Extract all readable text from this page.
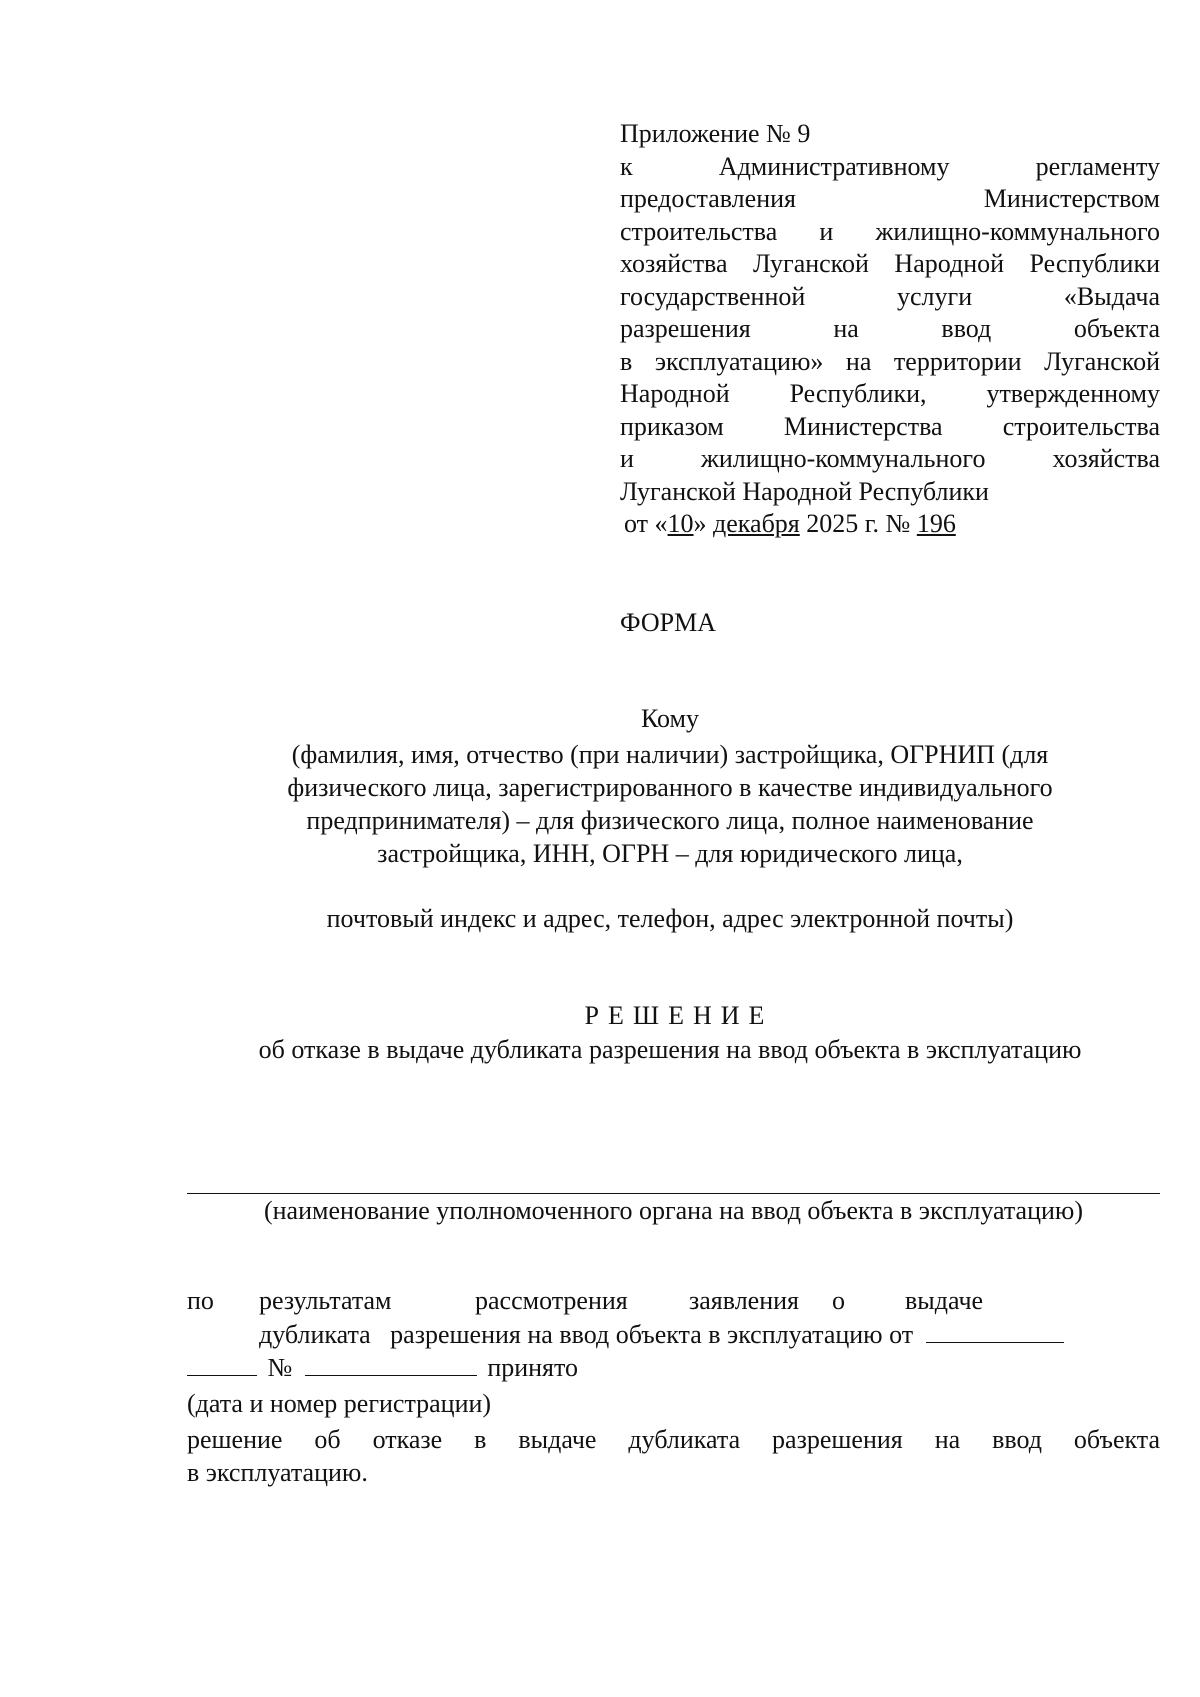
Приложение № 9
к Административному регламенту
предоставления Министерством
строительства и жилищно-коммунального
хозяйства Луганской Народной Республики
государственной услуги «Выдача
разрешения на ввод объекта
в эксплуатацию» на территории Луганской
Народной Республики, утвержденному
приказом Министерства строительства
и жилищно-коммунального хозяйства
Луганской Народной Республики
от «10» декабря 2025 г. № 196
ФОРМА
Кому
(фамилия, имя, отчество (при наличии) застройщика, ОГРНИП (для
физического лица, зарегистрированного в качестве индивидуального
предпринимателя) – для физического лица, полное наименование
застройщика, ИНН, ОГРН – для юридического лица,
почтовый индекс и адрес, телефон, адрес электронной почты)
РЕШЕНИЕ
об отказе в выдаче дубликата разрешения на ввод объекта в эксплуатацию
(наименование уполномоченного органа на ввод объекта в эксплуатацию)
по результатам	рассмотрения заявления о выдаче
дубликата   разрешения на ввод объекта в эксплуатацию от
№	принято
(дата и номер регистрации)
решение об отказе в выдаче дубликата разрешения на ввод объекта
в эксплуатацию.
